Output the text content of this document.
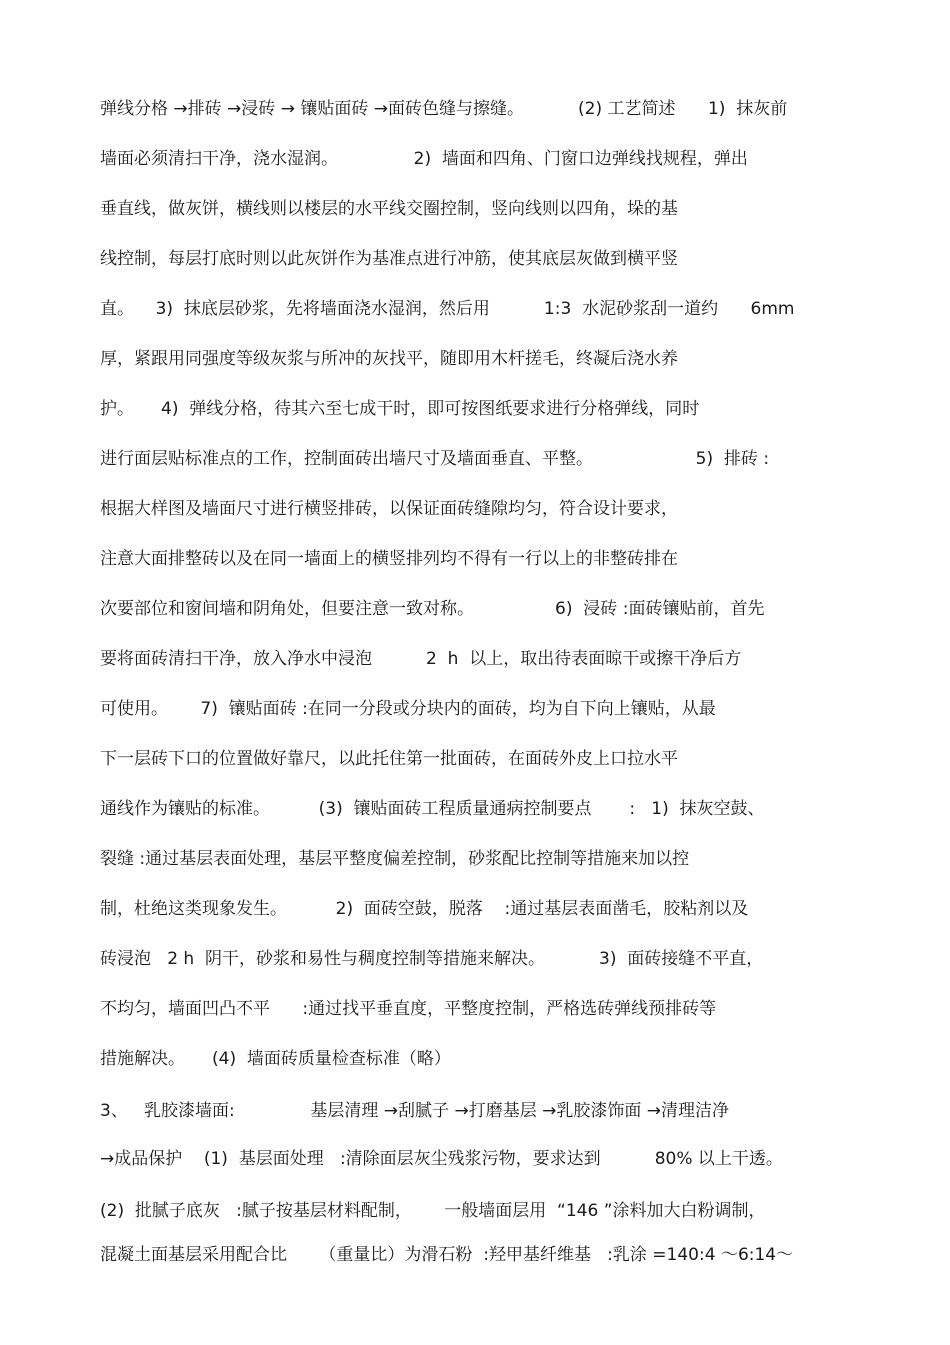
弹线分格 →排砖 →浸砖 → 镶贴面砖 →面砖色缝与擦缝。          (2) 工艺简述      1)  抹灰前
墙面必须清扫干净，浇水湿润。              2)  墙面和四角、门窗口边弹线找规程，弹出
垂直线，做灰饼，横线则以楼层的水平线交圈控制，竖向线则以四角，垛的基
线控制，每层打底时则以此灰饼作为基准点进行冲筋，使其底层灰做到横平竖
直。    3)  抹底层砂浆，先将墙面浇水湿润，然后用          1:3  水泥砂浆刮一道约      6mm
厚，紧跟用同强度等级灰浆与所冲的灰找平，随即用木杆搓毛，终凝后浇水养
护。     4)  弹线分格，待其六至七成干时，即可按图纸要求进行分格弹线，同时
进行面层贴标准点的工作，控制面砖出墙尺寸及墙面垂直、平整。                   5)  排砖 :
根据大样图及墙面尺寸进行横竖排砖，以保证面砖缝隙均匀，符合设计要求，
注意大面排整砖以及在同一墙面上的横竖排列均不得有一行以上的非整砖排在
次要部位和窗间墙和阴角处，但要注意一致对称。               6)  浸砖 :面砖镶贴前，首先
要将面砖清扫干净，放入净水中浸泡          2  h  以上，取出待表面晾干或擦干净后方
可使用。      7)  镶贴面砖 :在同一分段或分块内的面砖，均为自下向上镶贴，从最
下一层砖下口的位置做好靠尺，以此托住第一批面砖，在面砖外皮上口拉水平
通线作为镶贴的标准。         (3)  镶贴面砖工程质量通病控制要点       :   1)  抹灰空鼓、
裂缝 :通过基层表面处理，基层平整度偏差控制，砂浆配比控制等措施来加以控
制，杜绝这类现象发生。         2)  面砖空鼓，脱落    :通过基层表面凿毛，胶粘剂以及
砖浸泡   2 h  阴干，砂浆和易性与稠度控制等措施来解决。          3)  面砖接缝不平直，
不均匀，墙面凹凸不平      :通过找平垂直度，平整度控制，严格选砖弹线预排砖等
措施解决。     (4)  墙面砖质量检查标准（略）
3、   乳胶漆墙面:              基层清理 →刮腻子 →打磨基层 →乳胶漆饰面 →清理洁净
→成品保护    (1)  基层面处理   :清除面层灰尘残浆污物，要求达到          80% 以上干透。
(2)  批腻子底灰   :腻子按基层材料配制，      一般墙面层用  “146 ”涂料加大白粉调制，
混凝土面基层采用配合比      （重量比）为滑石粉  :羟甲基纤维基   :乳涂 =140:4 ～6:14～
